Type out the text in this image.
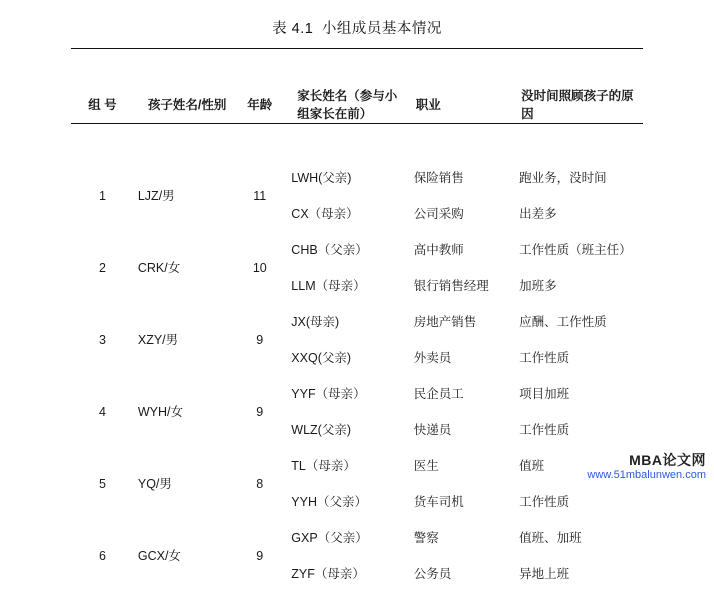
表 4.1 小组成员基本情况

组 号	孩子姓名/性别	年龄	家长姓名（参与小组家长在前）	职业	没时间照顾孩子的原因

1	LJZ/男	11	LWH(父亲)	保险销售	跑业务，没时间
			CX（母亲）	公司采购	出差多
2	CRK/女	10	CHB（父亲）	高中教师	工作性质（班主任）
			LLM（母亲）	银行销售经理	加班多
3	XZY/男	9	JX(母亲)	房地产销售	应酬、工作性质
			XXQ(父亲)	外卖员	工作性质
4	WYH/女	9	YYF（母亲）	民企员工	项目加班
			WLZ(父亲)	快递员	工作性质
5	YQ/男	8	TL（母亲）	医生	值班
			YYH（父亲）	货车司机	工作性质
6	GCX/女	9	GXP（父亲）	警察	值班、加班
			ZYF（母亲）	公务员	异地上班
MBA论文网
www.51mbalunwen.com
